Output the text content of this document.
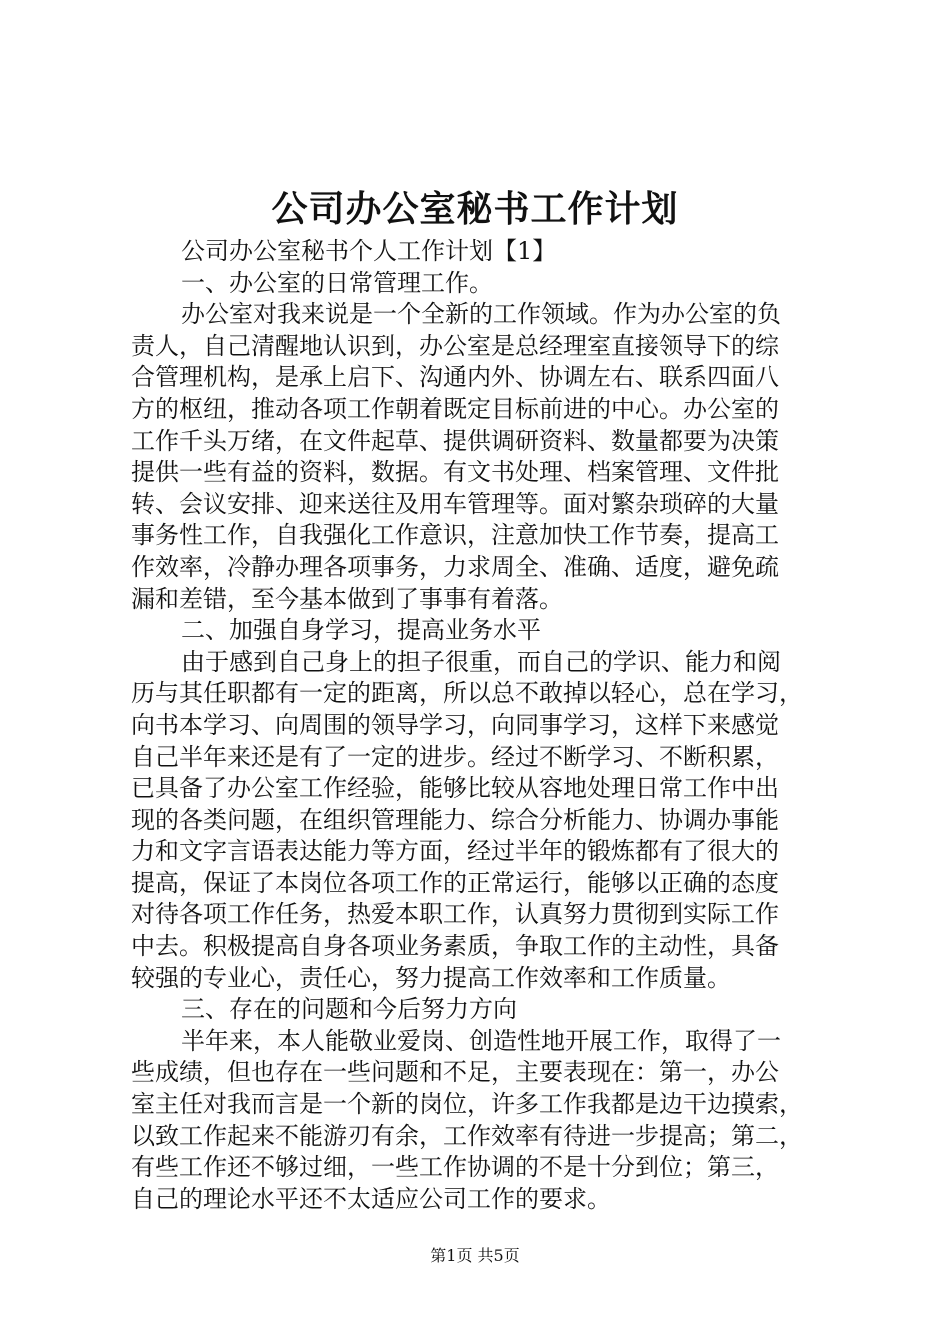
公司办公室秘书工作计划

公司办公室秘书个人工作计划【1】

一、办公室的日常管理工作。

办公室对我来说是一个全新的工作领域。作为办公室的负

责人，自己清醒地认识到，办公室是总经理室直接领导下的综

合管理机构，是承上启下、沟通内外、协调左右、联系四面八

方的枢纽，推动各项工作朝着既定目标前进的中心。办公室的

工作千头万绪，在文件起草、提供调研资料、数量都要为决策

提供一些有益的资料，数据。有文书处理、档案管理、文件批

转、会议安排、迎来送往及用车管理等。面对繁杂琐碎的大量

事务性工作，自我强化工作意识，注意加快工作节奏，提高工

作效率，冷静办理各项事务，力求周全、准确、适度，避免疏

漏和差错，至今基本做到了事事有着落。

二、加强自身学习，提高业务水平

由于感到自己身上的担子很重，而自己的学识、能力和阅

历与其任职都有一定的距离，所以总不敢掉以轻心，总在学习，

向书本学习、向周围的领导学习，向同事学习，这样下来感觉

自己半年来还是有了一定的进步。经过不断学习、不断积累，

已具备了办公室工作经验，能够比较从容地处理日常工作中出

现的各类问题，在组织管理能力、综合分析能力、协调办事能

力和文字言语表达能力等方面，经过半年的锻炼都有了很大的

提高，保证了本岗位各项工作的正常运行，能够以正确的态度

对待各项工作任务，热爱本职工作，认真努力贯彻到实际工作

中去。积极提高自身各项业务素质，争取工作的主动性，具备

较强的专业心，责任心，努力提高工作效率和工作质量。

三、存在的问题和今后努力方向

半年来，本人能敬业爱岗、创造性地开展工作，取得了一

些成绩，但也存在一些问题和不足，主要表现在：第一，办公

室主任对我而言是一个新的岗位，许多工作我都是边干边摸索，

以致工作起来不能游刃有余，工作效率有待进一步提高；第二，

有些工作还不够过细，一些工作协调的不是十分到位；第三，

自己的理论水平还不太适应公司工作的要求。

第1页 共5页
